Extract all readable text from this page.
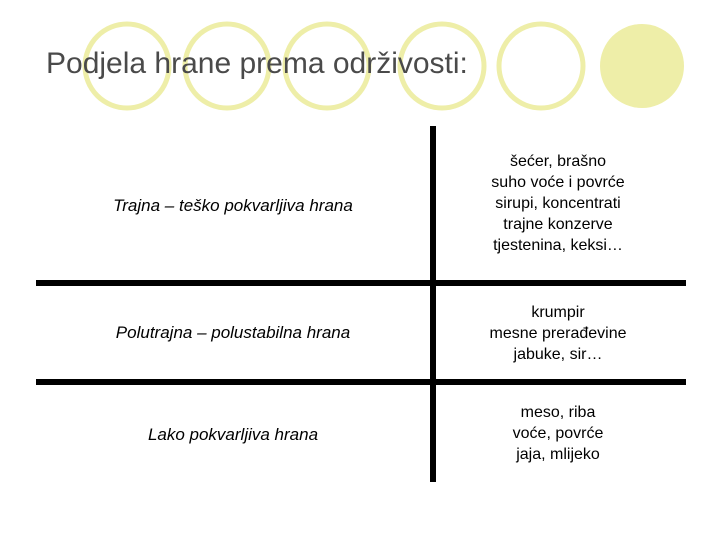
Podjela hrane prema održivosti:
Trajna – teško pokvarljiva hrana
šećer, brašno
suho voće i povrće
sirupi, koncentrati
trajne konzerve
tjestenina, keksi…
Polutrajna – polustabilna hrana
krumpir
mesne prerađevine
jabuke, sir…
Lako pokvarljiva hrana
meso, riba
voće, povrće
jaja, mlijeko
